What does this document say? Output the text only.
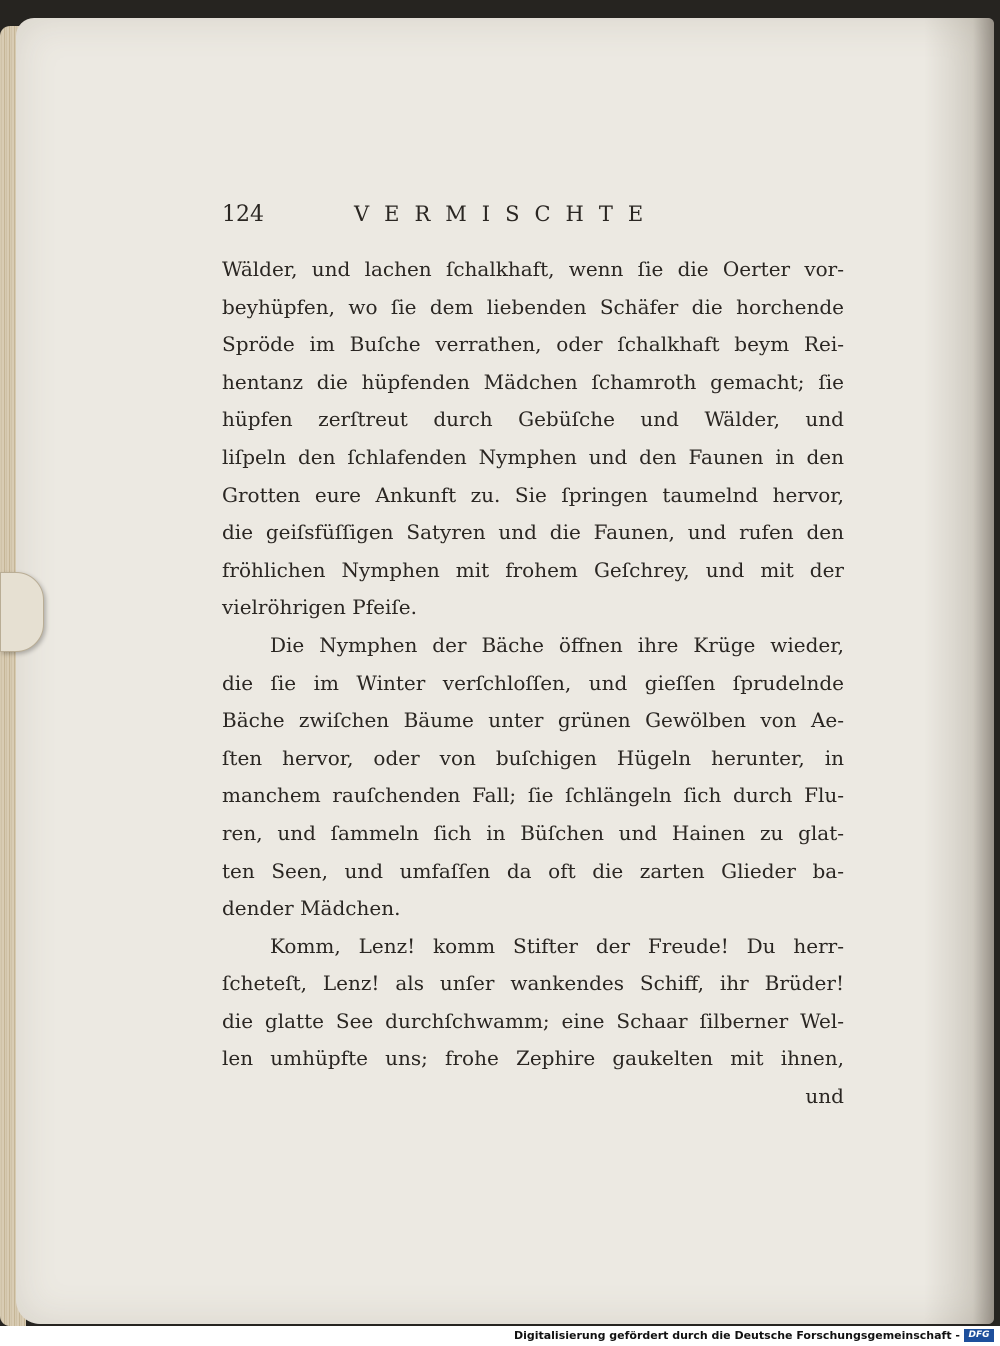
124	VERMISCHTE
Wälder, und lachen ſchalkhaft, wenn ſie die Oerter vor-
beyhüpfen, wo ſie dem liebenden Schäfer die horchende
Spröde im Buſche verrathen, oder ſchalkhaft beym Rei-
hentanz die hüpfenden Mädchen ſchamroth gemacht; ſie
hüpfen zerſtreut durch Gebüſche und Wälder, und
liſpeln den ſchlafenden Nymphen und den Faunen in den
Grotten eure Ankunft zu. Sie ſpringen taumelnd hervor,
die geiſsfüſſigen Satyren und die Faunen, und rufen den
fröhlichen Nymphen mit frohem Geſchrey, und mit der
vielröhrigen Pfeiſe.
Die Nymphen der Bäche öffnen ihre Krüge wieder,
die ſie im Winter verſchloſſen, und gieſſen ſprudelnde
Bäche zwiſchen Bäume unter grünen Gewölben von Ae-
ſten hervor, oder von buſchigen Hügeln herunter, in
manchem rauſchenden Fall; ſie ſchlängeln ſich durch Flu-
ren, und ſammeln ſich in Büſchen und Hainen zu glat-
ten Seen, und umfaſſen da oft die zarten Glieder ba-
dender Mädchen.
Komm, Lenz! komm Stifter der Freude! Du herr-
ſcheteſt, Lenz! als unſer wankendes Schiff, ihr Brüder!
die glatte See durchſchwamm; eine Schaar ſilberner Wel-
len umhüpfte uns; frohe Zephire gaukelten mit ihnen,
und
Digitalisierung gefördert durch die Deutsche Forschungsgemeinschaft - DFG
